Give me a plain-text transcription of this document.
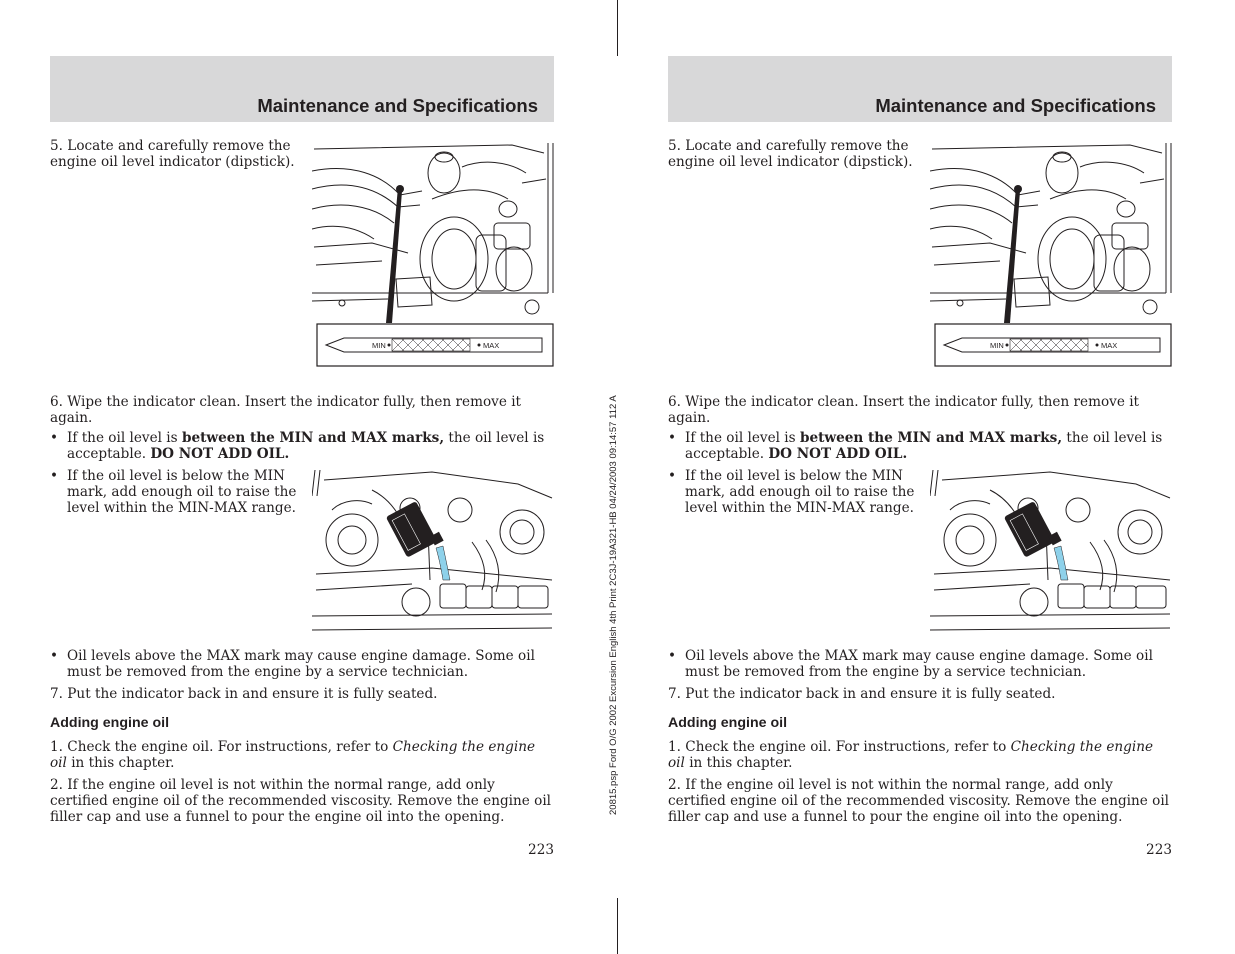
20815.psp Ford O/G 2002 Excursion English 4th Print 2C3J-19A321-HB 04/24/2003 09:14:57 112 A
Maintenance and Specifications

5. Locate and carefully remove the engine oil level indicator (dipstick).

MIN	MAX

6. Wipe the indicator clean. Insert the indicator fully, then remove it again.

• If the oil level is between the MIN and MAX marks, the oil level is acceptable. DO NOT ADD OIL.
• If the oil level is below the MIN mark, add enough oil to raise the level within the MIN-MAX range.
• Oil levels above the MAX mark may cause engine damage. Some oil must be removed from the engine by a service technician.

7. Put the indicator back in and ensure it is fully seated.

Adding engine oil

1. Check the engine oil. For instructions, refer to Checking the engine oil in this chapter.

2. If the engine oil level is not within the normal range, add only certified engine oil of the recommended viscosity. Remove the engine oil filler cap and use a funnel to pour the engine oil into the opening.

223
Maintenance and Specifications

5. Locate and carefully remove the engine oil level indicator (dipstick).

MIN	MAX

6. Wipe the indicator clean. Insert the indicator fully, then remove it again.

• If the oil level is between the MIN and MAX marks, the oil level is acceptable. DO NOT ADD OIL.
• If the oil level is below the MIN mark, add enough oil to raise the level within the MIN-MAX range.
• Oil levels above the MAX mark may cause engine damage. Some oil must be removed from the engine by a service technician.

7. Put the indicator back in and ensure it is fully seated.

Adding engine oil

1. Check the engine oil. For instructions, refer to Checking the engine oil in this chapter.

2. If the engine oil level is not within the normal range, add only certified engine oil of the recommended viscosity. Remove the engine oil filler cap and use a funnel to pour the engine oil into the opening.

223
